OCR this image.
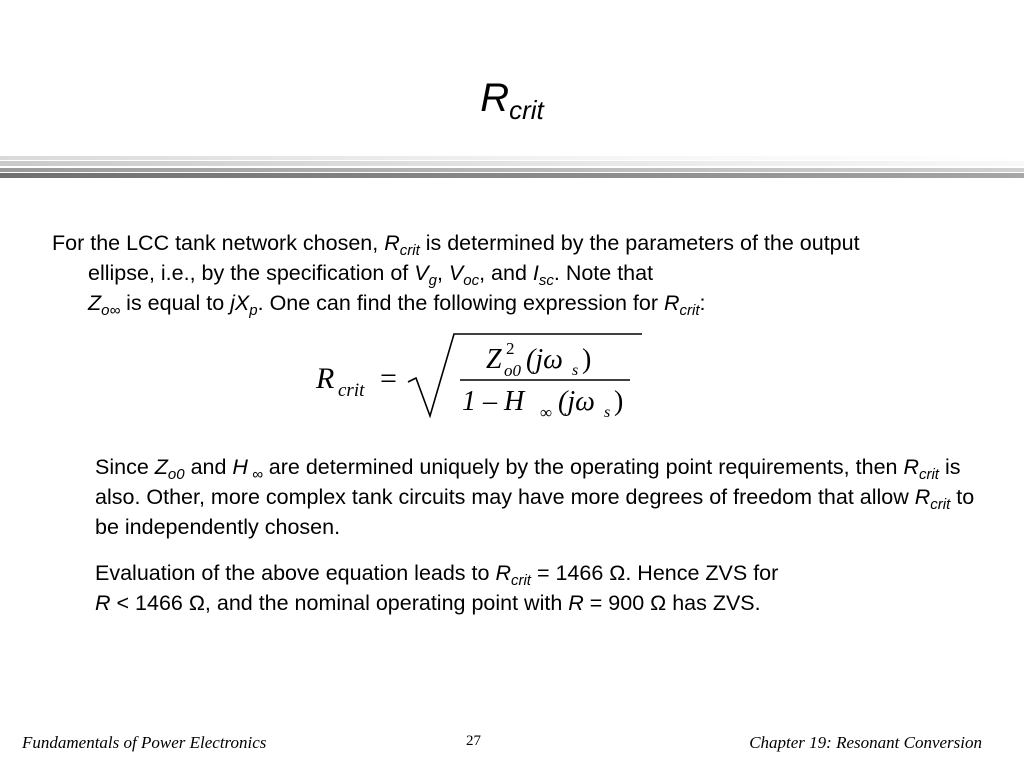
$R_{crit}$
For the LCC tank network chosen, $R_{crit}$ is determined by the parameters of the output ellipse, i.e., by the specification of $V_g$, $V_{oc}$, and $I_{sc}$. Note that
$Z_{o\infty}$ is equal to $jX_p$. One can find the following expression for $R_{crit}$:
R crit =
Z 2
o0 (jω s )
1 – H ∞ (jω s )
Since $Z_{o0}$ and H $_\infty$ are determined uniquely by the operating point requirements, then $R_{crit}$ is also. Other, more complex tank circuits may have more degrees of freedom that allow $R_{crit}$ to be independently chosen.
Evaluation of the above equation leads to $R_{crit} = 1466$ Ω. Hence ZVS for
R < 1466 Ω, and the nominal operating point with R = 900 Ω has ZVS.
Fundamentals of Power Electronics	27	Chapter 19: Resonant Conversion
